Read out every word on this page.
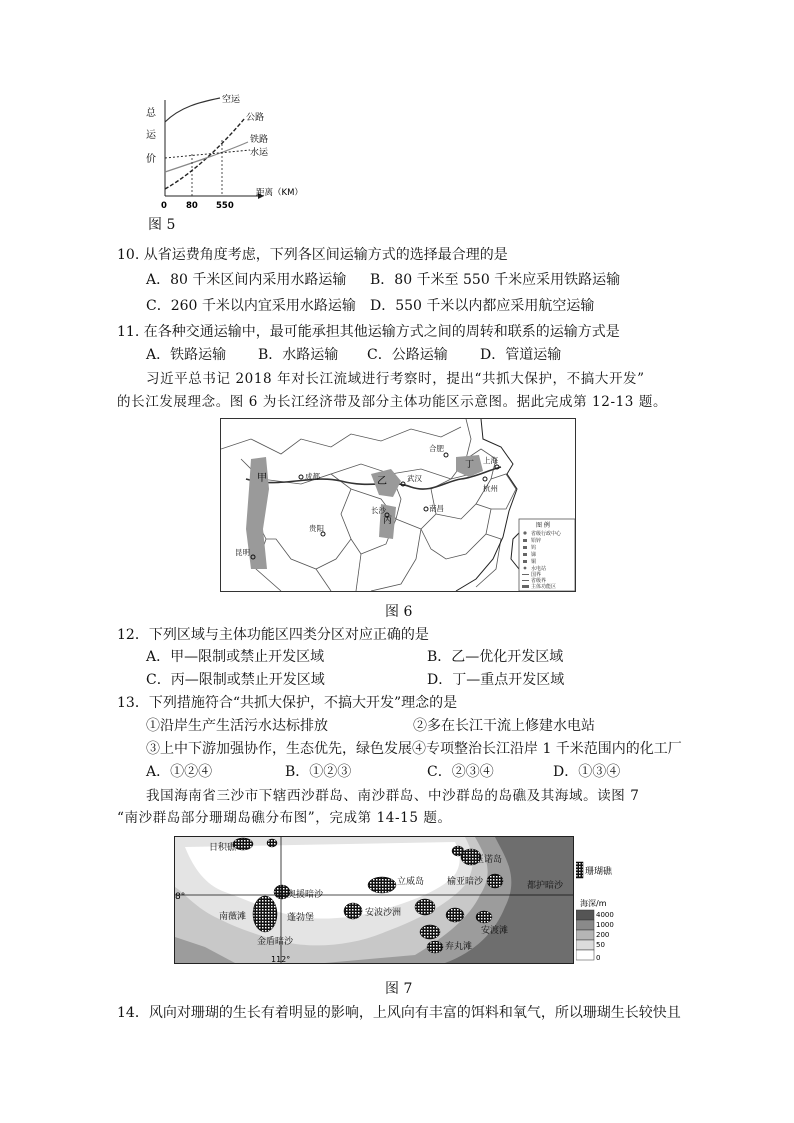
总
运
价
空运
公路
铁路
水运
距离（KM）
0 80 550
图 5
10. 从省运费角度考虑，下列各区间运输方式的选择最合理的是
A．80 千米区间内采用水路运输 B．80 千米至 550 千米应采用铁路运输
C．260 千米以内宜采用水路运输 D．550 千米以内都应采用航空运输
11. 在各种交通运输中，最可能承担其他运输方式之间的周转和联系的运输方式是
A．铁路运输 B．水路运输 C．公路运输 D．管道运输
习近平总书记 2018 年对长江流域进行考察时，提出“共抓大保护，不搞大开发”
的长江发展理念。图 6 为长江经济带及部分主体功能区示意图。据此完成第 12-13 题。
甲	乙
丙
丁
成都
贵阳
昆明
长沙	南昌
武汉
合肥
杭州
上海
图 例
省级行政中心
铅锌
钨
锑
铜
水电站
国界
省级界
主体功能区
图 6
12．下列区域与主体功能区四类分区对应正确的是
A．甲—限制或禁止开发区域	B．乙—优化开发区域
C．丙—限制或禁止开发区域	D．丁—重点开发区域
13．下列措施符合“共抓大保护，不搞大开发”理念的是
①沿岸生产生活污水达标排放	②多在长江干流上修建水电站
③上中下游加强协作，生态优先，绿色发展④专项整治长江沿岸 1 千米范围内的化工厂
A．①②④	B．①②③	C．②③④	D．①③④
我国海南省三沙市下辖西沙群岛、南沙群岛、中沙群岛的岛礁及其海域。读图 7
“南沙群岛部分珊瑚岛礁分布图”，完成第 14-15 题。
8°
112°
日积礁
玉诺岛
立威岛	榆亚暗沙	都护暗沙
奥援暗沙
南薇滩	蓬勃堡	安波沙洲
安渡滩
金盾暗沙	弃丸滩
珊瑚礁
海深/m
4000
1000
200
50
0
图 7
14．风向对珊瑚的生长有着明显的影响，上风向有丰富的饵料和氧气，所以珊瑚生长较快且
